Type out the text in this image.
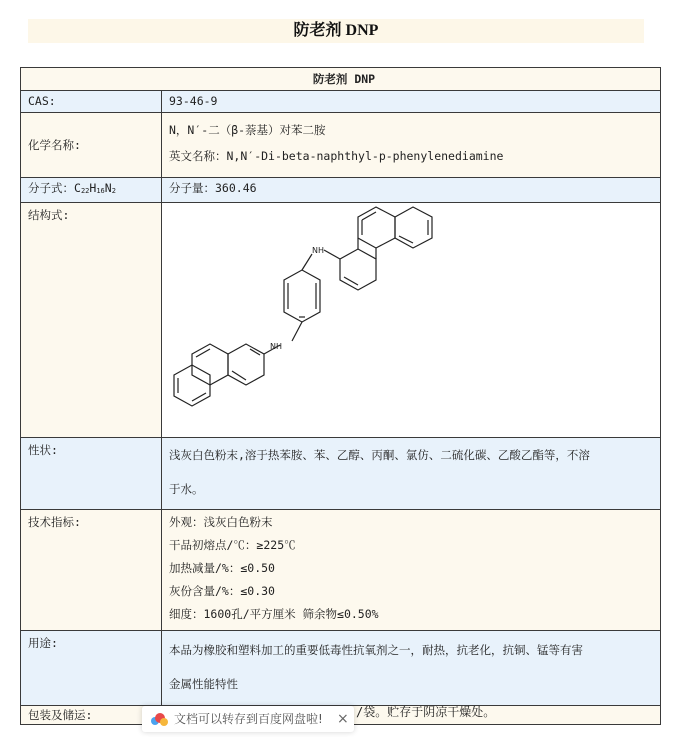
防老剂 DNP
防老剂 DNP	
CAS:	93-46-9
化学名称:	N，N′-二（β-萘基）对苯二胺
英文名称：N,N′-Di-beta-naphthyl-p-phenylenediamine

分子式：$C_{22}H_{16}N_2$	分子量：360.46
结构式:	NH
NH

性状:	浅灰白色粉末,溶于热苯胺、苯、乙醇、丙酮、氯仿、二硫化碳、乙酸乙酯等，不溶
于水。

技术指标:	外观：浅灰白色粉末
干品初熔点/℃：≥225℃
加热减量/%：≤0.50
灰份含量/%：≤0.30
细度：1600孔/平方厘米 筛余物≤0.50%

用途:	本品为橡胶和塑料加工的重要低毒性抗氧剂之一，耐热，抗老化，抗铜、锰等有害
金属性能特性

包装及储运:		/袋。贮存于阴凉干燥处。
文档可以转存到百度网盘啦! ×
